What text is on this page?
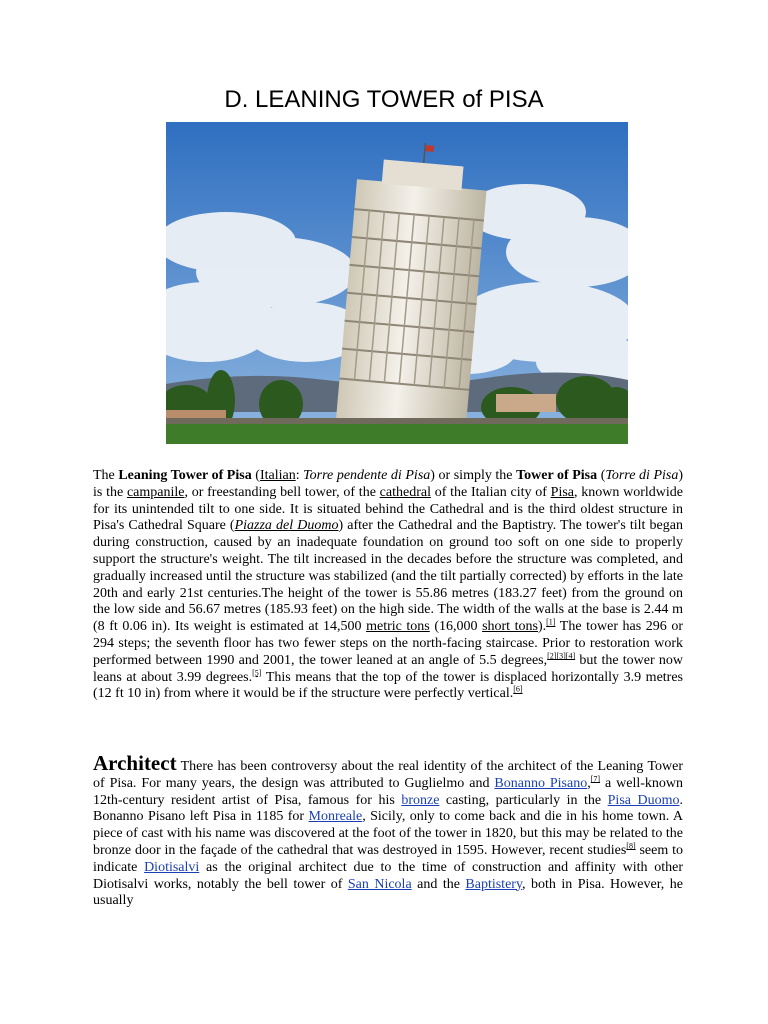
D. LEANING TOWER of PISA
The Leaning Tower of Pisa (Italian: Torre pendente di Pisa) or simply the Tower of Pisa (Torre di Pisa) is the campanile, or freestanding bell tower, of the cathedral of the Italian city of Pisa, known worldwide for its unintended tilt to one side. It is situated behind the Cathedral and is the third oldest structure in Pisa's Cathedral Square (Piazza del Duomo) after the Cathedral and the Baptistry. The tower's tilt began during construction, caused by an inadequate foundation on ground too soft on one side to properly support the structure's weight. The tilt increased in the decades before the structure was completed, and gradually increased until the structure was stabilized (and the tilt partially corrected) by efforts in the late 20th and early 21st centuries.The height of the tower is 55.86 metres (183.27 feet) from the ground on the low side and 56.67 metres (185.93 feet) on the high side. The width of the walls at the base is 2.44 m (8 ft 0.06 in). Its weight is estimated at 14,500 metric tons (16,000 short tons).[1] The tower has 296 or 294 steps; the seventh floor has two fewer steps on the north-facing staircase. Prior to restoration work performed between 1990 and 2001, the tower leaned at an angle of 5.5 degrees,[2][3][4] but the tower now leans at about 3.99 degrees.[5] This means that the top of the tower is displaced horizontally 3.9 metres (12 ft 10 in) from where it would be if the structure were perfectly vertical.[6]
Architect There has been controversy about the real identity of the architect of the Leaning Tower of Pisa. For many years, the design was attributed to Guglielmo and Bonanno Pisano,[7] a well-known 12th-century resident artist of Pisa, famous for his bronze casting, particularly in the Pisa Duomo. Bonanno Pisano left Pisa in 1185 for Monreale, Sicily, only to come back and die in his home town. A piece of cast with his name was discovered at the foot of the tower in 1820, but this may be related to the bronze door in the façade of the cathedral that was destroyed in 1595. However, recent studies[8] seem to indicate Diotisalvi as the original architect due to the time of construction and affinity with other Diotisalvi works, notably the bell tower of San Nicola and the Baptistery, both in Pisa. However, he usually
